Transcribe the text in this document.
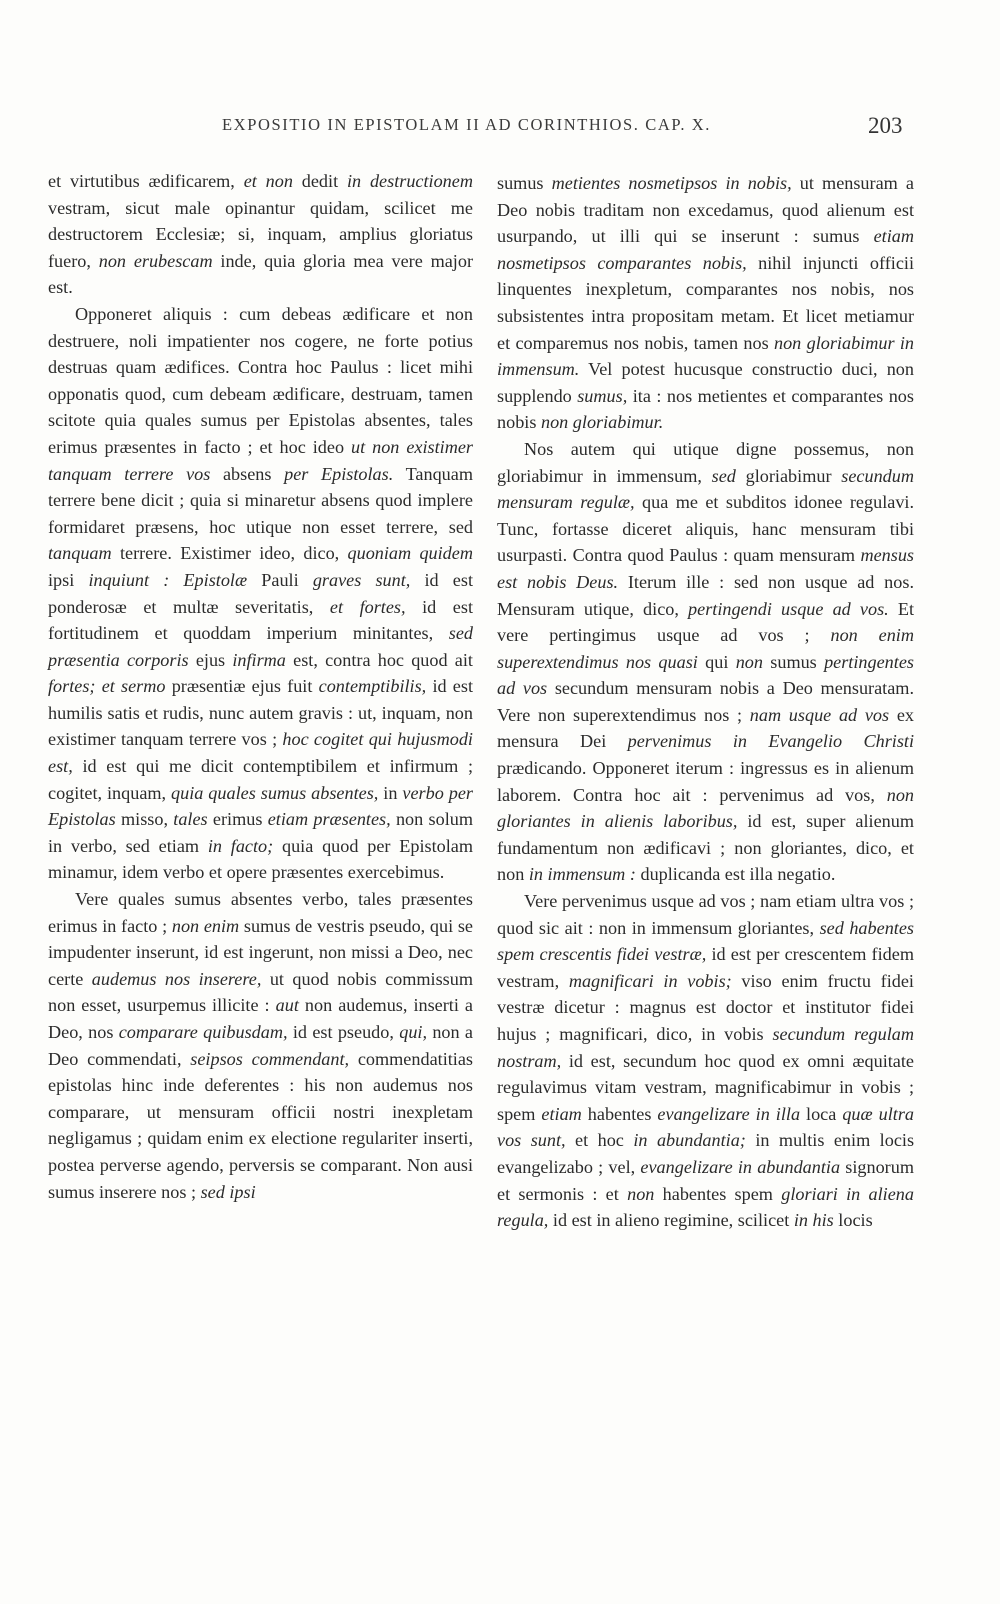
EXPOSITIO IN EPISTOLAM II AD CORINTHIOS. CAP. X.	203

et virtutibus ædificarem, et non dedit in destructionem vestram, sicut male opinantur quidam, scilicet me destructorem Ecclesiæ; si, inquam, amplius gloriatus fuero, non erubescam inde, quia gloria mea vere major est.

Opponeret aliquis : cum debeas ædificare et non destruere, noli impatienter nos cogere, ne forte potius destruas quam ædifices. Contra hoc Paulus : licet mihi opponatis quod, cum debeam ædificare, destruam, tamen scitote quia quales sumus per Epistolas absentes, tales erimus præsentes in facto ; et hoc ideo ut non existimer tanquam terrere vos absens per Epistolas. Tanquam terrere bene dicit ; quia si minaretur absens quod implere formidaret præsens, hoc utique non esset terrere, sed tanquam terrere. Existimer ideo, dico, quoniam quidem ipsi inquiunt : Epistolæ Pauli graves sunt, id est ponderosæ et multæ severitatis, et fortes, id est fortitudinem et quoddam imperium minitantes, sed præsentia corporis ejus infirma est, contra hoc quod ait fortes; et sermo præsentiæ ejus fuit contemptibilis, id est humilis satis et rudis, nunc autem gravis : ut, inquam, non existimer tanquam terrere vos ; hoc cogitet qui hujusmodi est, id est qui me dicit contemptibilem et infirmum ; cogitet, inquam, quia quales sumus absentes, in verbo per Epistolas misso, tales erimus etiam præsentes, non solum in verbo, sed etiam in facto; quia quod per Epistolam minamur, idem verbo et opere præsentes exercebimus.

Vere quales sumus absentes verbo, tales præsentes erimus in facto ; non enim sumus de vestris pseudo, qui se impudenter inserunt, id est ingerunt, non missi a Deo, nec certe audemus nos inserere, ut quod nobis commissum non esset, usurpemus illicite : aut non audemus, inserti a Deo, nos comparare quibusdam, id est pseudo, qui, non a Deo commendati, seipsos commendant, commendatitias epistolas hinc inde deferentes : his non audemus nos comparare, ut mensuram officii nostri inexpletam negligamus ; quidam enim ex electione regulariter inserti, postea perverse agendo, perversis se comparant. Non ausi sumus inserere nos ; sed ipsi

sumus metientes nosmetipsos in nobis, ut mensuram a Deo nobis traditam non excedamus, quod alienum est usurpando, ut illi qui se inserunt : sumus etiam nosmetipsos comparantes nobis, nihil injuncti officii linquentes inexpletum, comparantes nos nobis, nos subsistentes intra propositam metam. Et licet metiamur et comparemus nos nobis, tamen nos non gloriabimur in immensum. Vel potest hucusque constructio duci, non supplendo sumus, ita : nos metientes et comparantes nos nobis non gloriabimur.

Nos autem qui utique digne possemus, non gloriabimur in immensum, sed gloriabimur secundum mensuram regulæ, qua me et subditos idonee regulavi. Tunc, fortasse diceret aliquis, hanc mensuram tibi usurpasti. Contra quod Paulus : quam mensuram mensus est nobis Deus. Iterum ille : sed non usque ad nos. Mensuram utique, dico, pertingendi usque ad vos. Et vere pertingimus usque ad vos ; non enim superextendimus nos quasi qui non sumus pertingentes ad vos secundum mensuram nobis a Deo mensuratam. Vere non superextendimus nos ; nam usque ad vos ex mensura Dei pervenimus in Evangelio Christi prædicando. Opponeret iterum : ingressus es in alienum laborem. Contra hoc ait : pervenimus ad vos, non gloriantes in alienis laboribus, id est, super alienum fundamentum non ædificavi ; non gloriantes, dico, et non in immensum : duplicanda est illa negatio.

Vere pervenimus usque ad vos ; nam etiam ultra vos ; quod sic ait : non in immensum gloriantes, sed habentes spem crescentis fidei vestræ, id est per crescentem fidem vestram, magnificari in vobis; viso enim fructu fidei vestræ dicetur : magnus est doctor et institutor fidei hujus ; magnificari, dico, in vobis secundum regulam nostram, id est, secundum hoc quod ex omni æquitate regulavimus vitam vestram, magnificabimur in vobis ; spem etiam habentes evangelizare in illa loca quæ ultra vos sunt, et hoc in abundantia; in multis enim locis evangelizabo ; vel, evangelizare in abundantia signorum et sermonis : et non habentes spem gloriari in aliena regula, id est in alieno regimine, scilicet in his locis
